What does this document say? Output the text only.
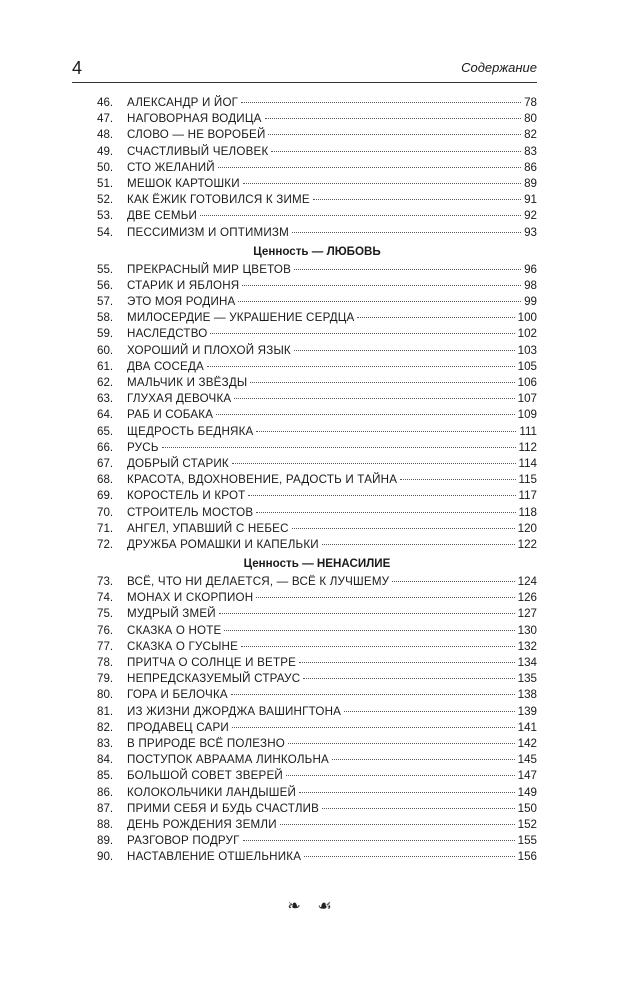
4	Содержание
46.	АЛЕКСАНДР И ЙОГ	78
47.	НАГОВОРНАЯ ВОДИЦА	80
48.	СЛОВО — НЕ ВОРОБЕЙ	82
49.	СЧАСТЛИВЫЙ ЧЕЛОВЕК	83
50.	СТО ЖЕЛАНИЙ	86
51.	МЕШОК КАРТОШКИ	89
52.	КАК ЁЖИК ГОТОВИЛСЯ К ЗИМЕ	91
53.	ДВЕ СЕМЬИ	92
54.	ПЕССИМИЗМ И ОПТИМИЗМ	93
Ценность — ЛЮБОВЬ
55.	ПРЕКРАСНЫЙ МИР ЦВЕТОВ	96
56.	СТАРИК И ЯБЛОНЯ	98
57.	ЭТО МОЯ РОДИНА	99
58.	МИЛОСЕРДИЕ — УКРАШЕНИЕ СЕРДЦА	100
59.	НАСЛЕДСТВО	102
60.	ХОРОШИЙ И ПЛОХОЙ ЯЗЫК	103
61.	ДВА СОСЕДА	105
62.	МАЛЬЧИК И ЗВЁЗДЫ	106
63.	ГЛУХАЯ ДЕВОЧКА	107
64.	РАБ И СОБАКА	109
65.	ЩЕДРОСТЬ БЕДНЯКА	111
66.	РУСЬ	112
67.	ДОБРЫЙ СТАРИК	114
68.	КРАСОТА, ВДОХНОВЕНИЕ, РАДОСТЬ И ТАЙНА	115
69.	КОРОСТЕЛЬ И КРОТ	117
70.	СТРОИТЕЛЬ МОСТОВ	118
71.	АНГЕЛ, УПАВШИЙ С НЕБЕС	120
72.	ДРУЖБА РОМАШКИ И КАПЕЛЬКИ	122
Ценность — НЕНАСИЛИЕ
73.	ВСЁ, ЧТО НИ ДЕЛАЕТСЯ, — ВСЁ К ЛУЧШЕМУ	124
74.	МОНАХ И СКОРПИОН	126
75.	МУДРЫЙ ЗМЕЙ	127
76.	СКАЗКА О НОТЕ	130
77.	СКАЗКА О ГУСЫНЕ	132
78.	ПРИТЧА О СОЛНЦЕ И ВЕТРЕ	134
79.	НЕПРЕДСКАЗУЕМЫЙ СТРАУС	135
80.	ГОРА И БЕЛОЧКА	138
81.	ИЗ ЖИЗНИ ДЖОРДЖА ВАШИНГТОНА	139
82.	ПРОДАВЕЦ САРИ	141
83.	В ПРИРОДЕ ВСЁ ПОЛЕЗНО	142
84.	ПОСТУПОК АВРААМА ЛИНКОЛЬНА	145
85.	БОЛЬШОЙ СОВЕТ ЗВЕРЕЙ	147
86.	КОЛОКОЛЬЧИКИ ЛАНДЫШЕЙ	149
87.	ПРИМИ СЕБЯ И БУДЬ СЧАСТЛИВ	150
88.	ДЕНЬ РОЖДЕНИЯ ЗЕМЛИ	152
89.	РАЗГОВОР ПОДРУГ	155
90.	НАСТАВЛЕНИЕ ОТШЕЛЬНИКА	156
❧ ☙
